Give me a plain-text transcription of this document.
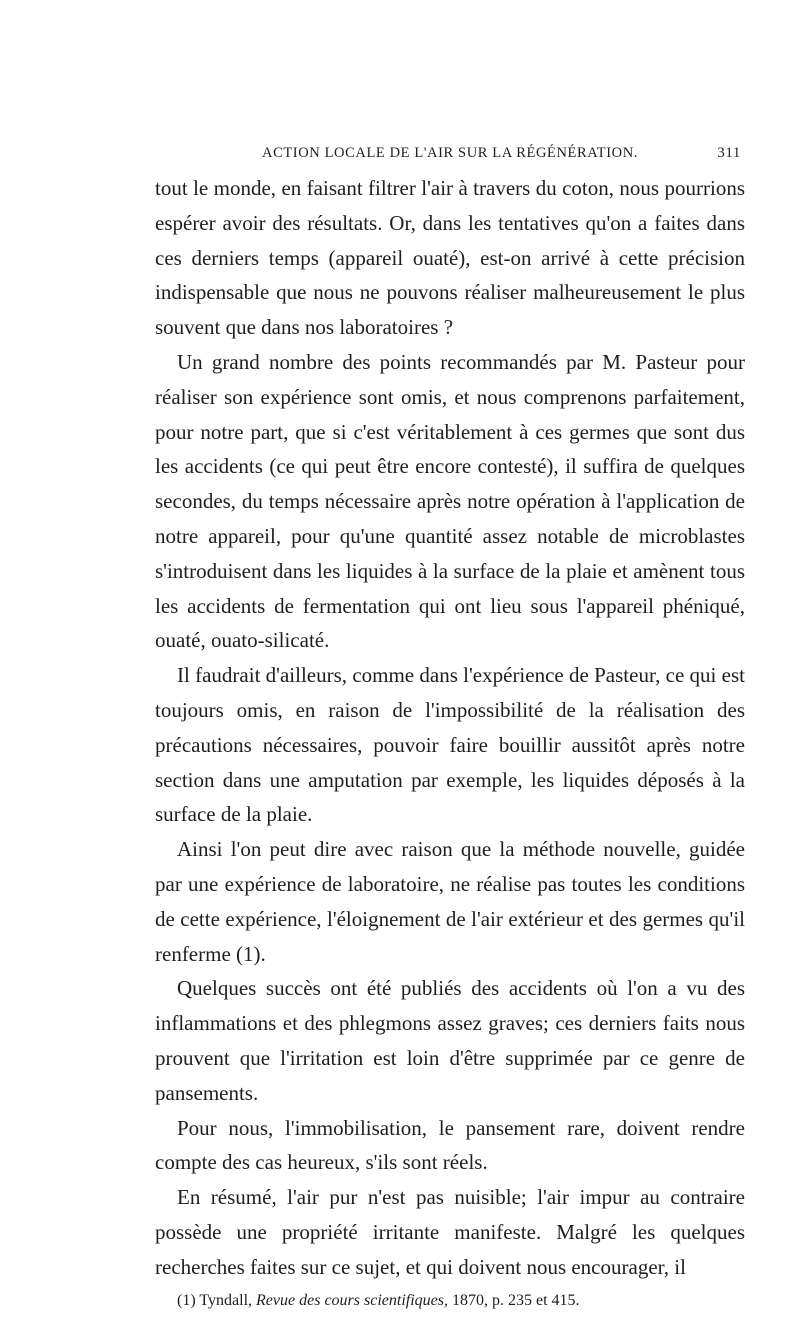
ACTION LOCALE DE L'AIR SUR LA RÉGÉNÉRATION.	311

tout le monde, en faisant filtrer l'air à travers du coton, nous pourrions espérer avoir des résultats. Or, dans les tentatives qu'on a faites dans ces derniers temps (appareil ouaté), est-on arrivé à cette précision indispensable que nous ne pouvons réaliser malheureusement le plus souvent que dans nos laboratoires ?

Un grand nombre des points recommandés par M. Pasteur pour réaliser son expérience sont omis, et nous comprenons parfaitement, pour notre part, que si c'est véritablement à ces germes que sont dus les accidents (ce qui peut être encore contesté), il suffira de quelques secondes, du temps nécessaire après notre opération à l'application de notre appareil, pour qu'une quantité assez notable de microblastes s'introduisent dans les liquides à la surface de la plaie et amènent tous les accidents de fermentation qui ont lieu sous l'appareil phéniqué, ouaté, ouato-silicaté.

Il faudrait d'ailleurs, comme dans l'expérience de Pasteur, ce qui est toujours omis, en raison de l'impossibilité de la réalisation des précautions nécessaires, pouvoir faire bouillir aussitôt après notre section dans une amputation par exemple, les liquides déposés à la surface de la plaie.

Ainsi l'on peut dire avec raison que la méthode nouvelle, guidée par une expérience de laboratoire, ne réalise pas toutes les conditions de cette expérience, l'éloignement de l'air extérieur et des germes qu'il renferme (1).

Quelques succès ont été publiés des accidents où l'on a vu des inflammations et des phlegmons assez graves; ces derniers faits nous prouvent que l'irritation est loin d'être supprimée par ce genre de pansements.

Pour nous, l'immobilisation, le pansement rare, doivent rendre compte des cas heureux, s'ils sont réels.

En résumé, l'air pur n'est pas nuisible; l'air impur au contraire possède une propriété irritante manifeste. Malgré les quelques recherches faites sur ce sujet, et qui doivent nous encourager, il

(1) Tyndall, Revue des cours scientifiques, 1870, p. 235 et 415.
